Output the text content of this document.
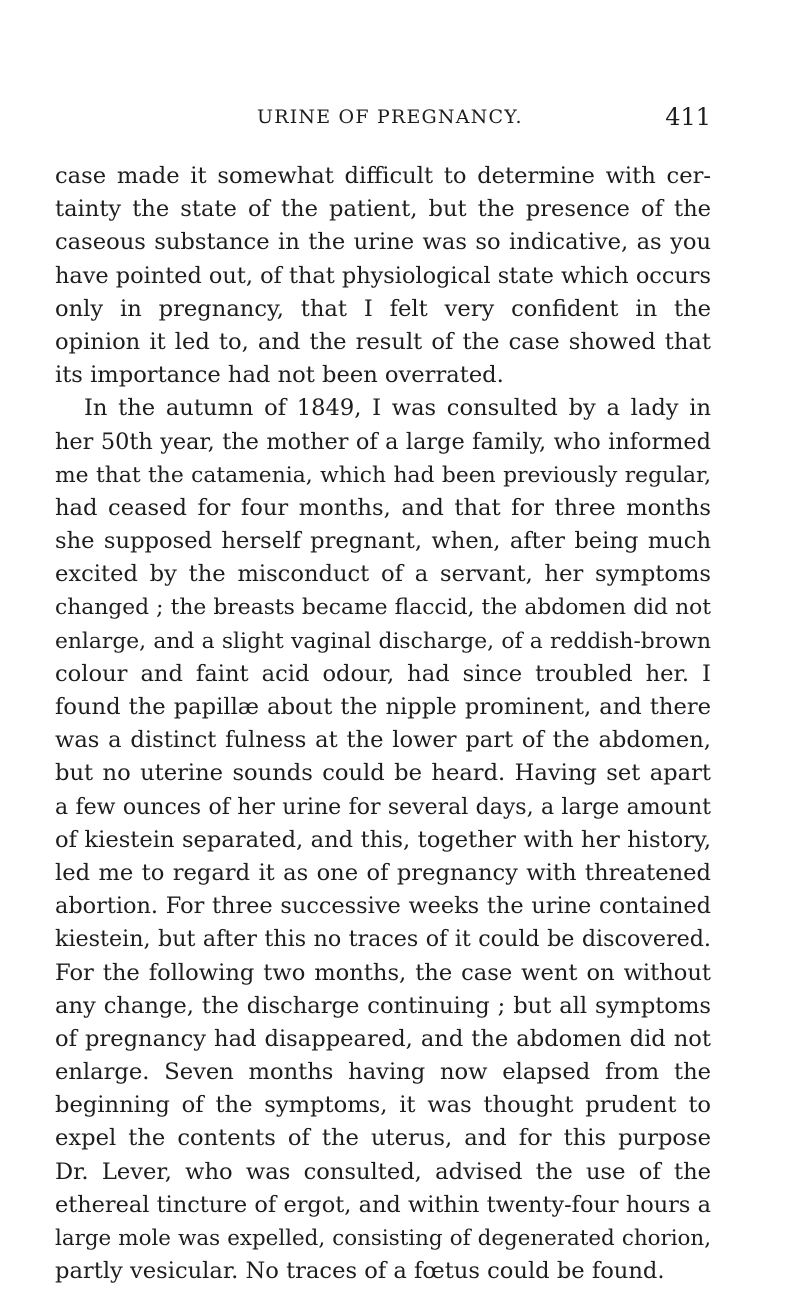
URINE OF PREGNANCY.	411
case made it somewhat difficult to determine with cer-
tainty the state of the patient, but the presence of the
caseous substance in the urine was so indicative, as you
have pointed out, of that physiological state which occurs
only in pregnancy, that I felt very confident in the
opinion it led to, and the result of the case showed that
its importance had not been overrated.
In the autumn of 1849, I was consulted by a lady in
her 50th year, the mother of a large family, who informed
me that the catamenia, which had been previously regular,
had ceased for four months, and that for three months
she supposed herself pregnant, when, after being much
excited by the misconduct of a servant, her symptoms
changed ; the breasts became flaccid, the abdomen did not
enlarge, and a slight vaginal discharge, of a reddish-brown
colour and faint acid odour, had since troubled her. I
found the papillæ about the nipple prominent, and there
was a distinct fulness at the lower part of the abdomen,
but no uterine sounds could be heard. Having set apart
a few ounces of her urine for several days, a large amount
of kiestein separated, and this, together with her history,
led me to regard it as one of pregnancy with threatened
abortion. For three successive weeks the urine contained
kiestein, but after this no traces of it could be discovered.
For the following two months, the case went on without
any change, the discharge continuing ; but all symptoms
of pregnancy had disappeared, and the abdomen did not
enlarge. Seven months having now elapsed from the
beginning of the symptoms, it was thought prudent to
expel the contents of the uterus, and for this purpose
Dr. Lever, who was consulted, advised the use of the
ethereal tincture of ergot, and within twenty-four hours a
large mole was expelled, consisting of degenerated chorion,
partly vesicular. No traces of a fœtus could be found.
